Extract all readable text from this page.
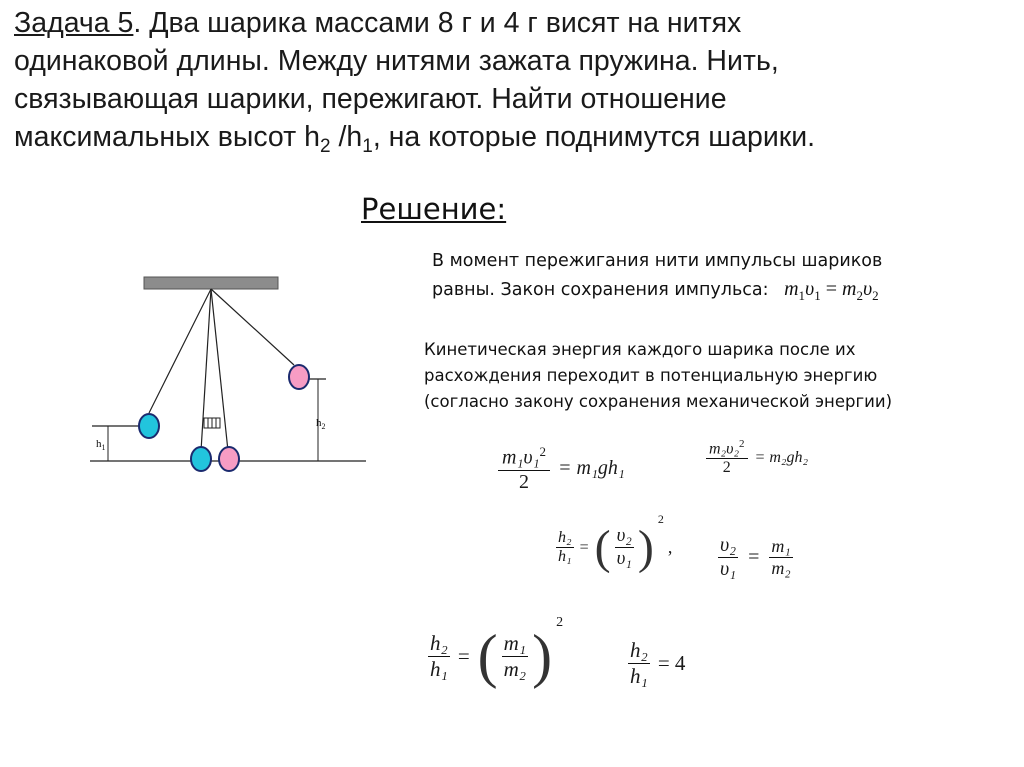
Задача 5. Два шарика массами 8 г и 4 г висят на нитях
одинаковой длины. Между нитями зажата пружина. Нить,
связывающая шарики, пережигают. Найти отношение
максимальных высот $h_2$ $/h_1$, на которые поднимутся шарики.
Решение:
В момент пережигания нити импульсы шариков
равны. Закон сохранения импульса: $m_1\upsilon_1 = m_2\upsilon_2$
Кинетическая энергия каждого шарика после их
расхождения переходит в потенциальную энергию
(согласно закону сохранения механической энергии)
$h_1$
$h_2$
$\frac{m_1\upsilon_1^2}{2} = m_1gh_1$	$\frac{m_2\upsilon_2^2}{2} = m_2gh_2$
$\frac{\text{h₂}}{\text{h₁}}$ = ( $\frac{\text{υ₂}}{\text{υ₁}}$ ) $^2$ , $\frac{\text{υ₂}}{\text{υ₁}} = \frac{\text{m₁}}{\text{m₂}}$
$\frac{\text{h₂}}{\text{h₁}}$ = ( $\frac{\text{m₁}}{\text{m₂}}$ ) $^2$
$\frac{\text{h₂}}{\text{h₁}} = 4$
